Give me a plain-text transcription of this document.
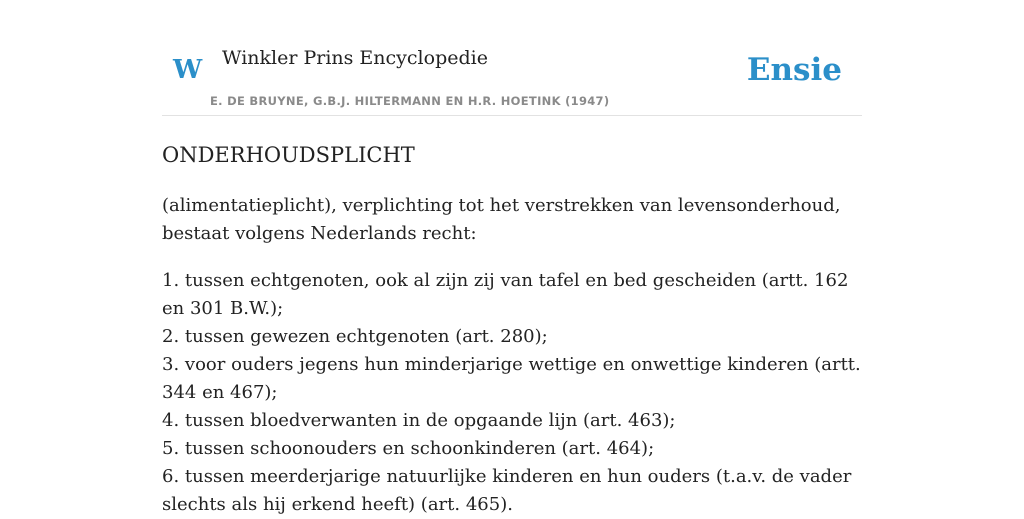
W Winkler Prins Encyclopedie
E. DE BRUYNE, G.B.J. HILTERMANN EN H.R. HOETINK (1947)
Ensie
ONDERHOUDSPLICHT

(alimentatieplicht), verplichting tot het verstrekken van levensonderhoud, bestaat volgens Nederlands recht:

1. tussen echtgenoten, ook al zijn zij van tafel en bed gescheiden (artt. 162 en 301 B.W.);
2. tussen gewezen echtgenoten (art. 280);
3. voor ouders jegens hun minderjarige wettige en onwettige kinderen (artt. 344 en 467);
4. tussen bloedverwanten in de opgaande lijn (art. 463);
5. tussen schoonouders en schoonkinderen (art. 464);
6. tussen meerderjarige natuurlijke kinderen en hun ouders (t.a.v. de vader slechts als hij erkend heeft) (art. 465).
